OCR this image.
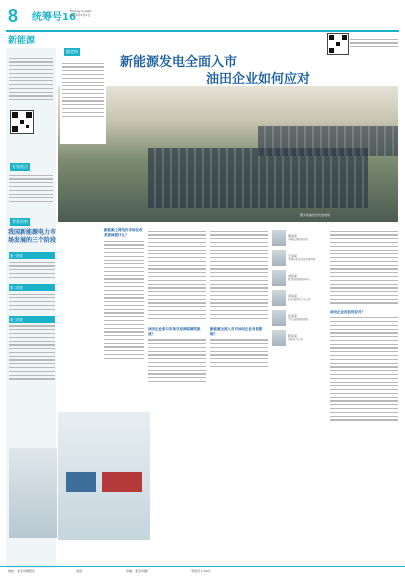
8 统筹号16
Energy Insight
2024年2月4日
新能源
专家视点
背景资料
我国新能源电力市场发展的三个阶段
第一阶段
第二阶段
第三阶段
编者按
新能源发电全面入市
油田企业如何应对
图为某油田光伏发电场
新能源上网电价市场化改革意味着什么？
油田企业参与市场交易面临哪些挑战？
新能源全面入市对油田企业有何影响？
周某某
中国石油规划总院
王某某
中国石化经济技术研究院
刘某某
胜利油田新能源中心
李某某
长庆油田电力分公司
张某某
大庆油田新能源部
陈某某
油田电力公司
油田企业应如何应对？
地址：北京市朝阳区	电话：	印刷：北京印刷厂	零售价 1.00元
